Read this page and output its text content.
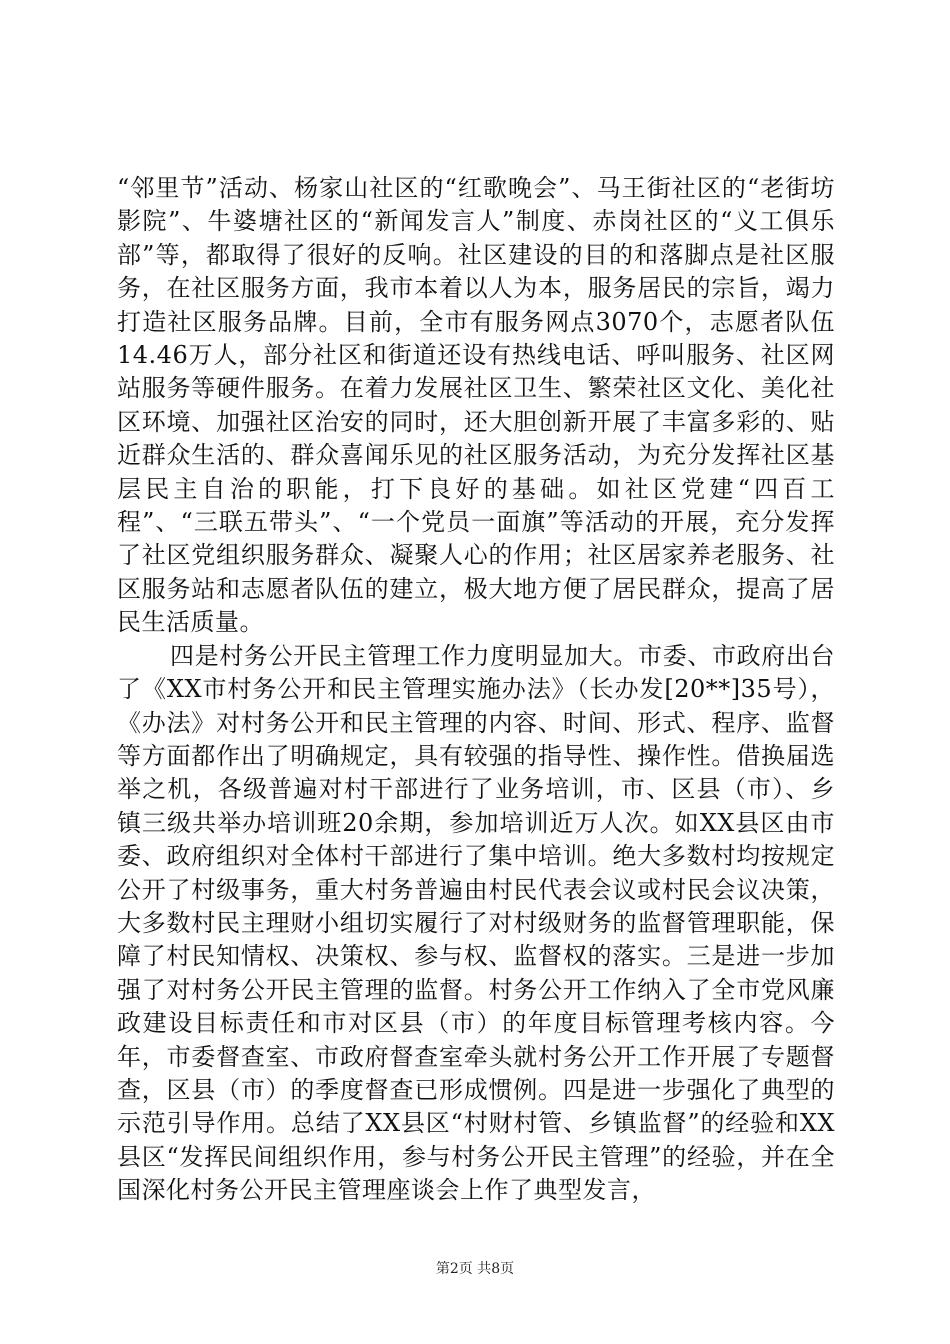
“邻里节”活动、杨家山社区的“红歌晚会”、马王街社区的“老街坊影院”、牛婆塘社区的“新闻发言人”制度、赤岗社区的“义工俱乐部”等，都取得了很好的反响。社区建设的目的和落脚点是社区服务，在社区服务方面，我市本着以人为本，服务居民的宗旨，竭力打造社区服务品牌。目前，全市有服务网点3070个，志愿者队伍14.46万人，部分社区和街道还设有热线电话、呼叫服务、社区网站服务等硬件服务。在着力发展社区卫生、繁荣社区文化、美化社区环境、加强社区治安的同时，还大胆创新开展了丰富多彩的、贴近群众生活的、群众喜闻乐见的社区服务活动，为充分发挥社区基层民主自治的职能，打下良好的基础。如社区党建“四百工程”、“三联五带头”、“一个党员一面旗”等活动的开展，充分发挥了社区党组织服务群众、凝聚人心的作用；社区居家养老服务、社区服务站和志愿者队伍的建立，极大地方便了居民群众，提高了居民生活质量。

四是村务公开民主管理工作力度明显加大。市委、市政府出台了《XX市村务公开和民主管理实施办法》（长办发[20**]35号），《办法》对村务公开和民主管理的内容、时间、形式、程序、监督等方面都作出了明确规定，具有较强的指导性、操作性。借换届选举之机，各级普遍对村干部进行了业务培训，市、区县（市）、乡镇三级共举办培训班20余期，参加培训近万人次。如XX县区由市委、政府组织对全体村干部进行了集中培训。绝大多数村均按规定公开了村级事务，重大村务普遍由村民代表会议或村民会议决策，大多数村民主理财小组切实履行了对村级财务的监督管理职能，保障了村民知情权、决策权、参与权、监督权的落实。三是进一步加强了对村务公开民主管理的监督。村务公开工作纳入了全市党风廉政建设目标责任和市对区县（市）的年度目标管理考核内容。今年，市委督查室、市政府督查室牵头就村务公开工作开展了专题督查，区县（市）的季度督查已形成惯例。四是进一步强化了典型的示范引导作用。总结了XX县区“村财村管、乡镇监督”的经验和XX县区“发挥民间组织作用，参与村务公开民主管理”的经验，并在全国深化村务公开民主管理座谈会上作了典型发言，

第2页 共8页
